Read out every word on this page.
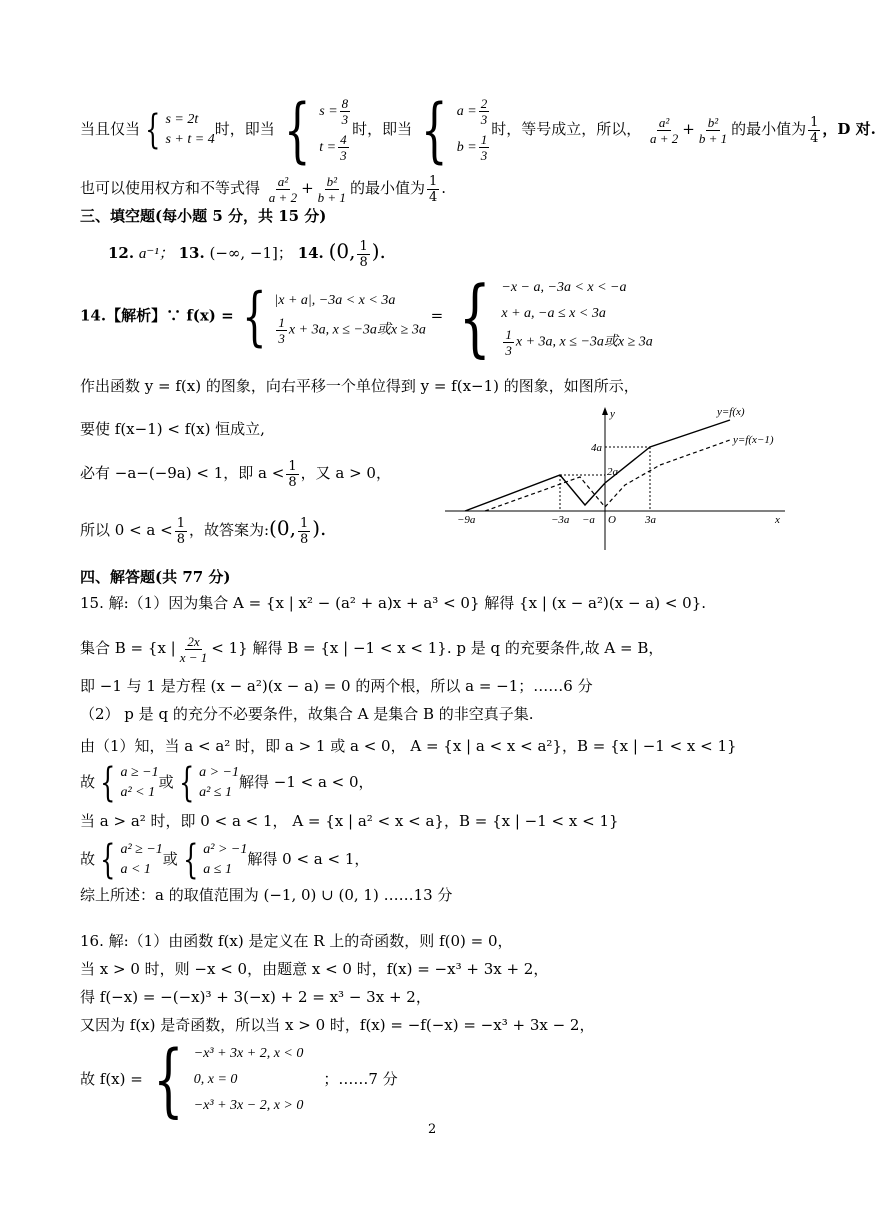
当且仅当 { s = 2t
s + t = 4
时，即当 { $s = \frac{8}{3}$
$t = \frac{4}{3}$
时，即当 { $a = \frac{2}{3}$
$b = \frac{1}{3}$
时，等号成立，所以， $\frac{\text{a²}}{a + 2} + \frac{\text{b²}}{b + 1}$ 的最小值为 $\frac{1}{4}$ ，D 对.
也可以使用权方和不等式得 $\frac{\text{a²}}{a + 2} + \frac{\text{b²}}{b + 1}$ 的最小值为 $\frac{1}{4}$ .
三、填空题(每小题 5 分，共 15 分)
12. a⁻¹； 13. (−∞, −1]； 14. (0, $\frac{1}{8}$ ).
14.【解析】∵ f(x) = { |x + a|, −3a < x < 3a
$\frac{1}{3}$ x + 3a, x ≤ −3a或x ≥ 3a
= { −x − a, −3a < x < −a
x + a, −a ≤ x < 3a
$\frac{1}{3}$ x + 3a, x ≤ −3a或x ≥ 3a
作出函数 y = f(x) 的图象，向右平移一个单位得到 y = f(x−1) 的图象，如图所示，
要使 f(x−1) < f(x) 恒成立,
必有 −a−(−9a) < 1，即 $a < \frac{1}{8}$ ，又 a > 0，
所以 $0 < a < \frac{1}{8}$ ，故答案为:(0, $\frac{1}{8}$ ).
y
x
y=f(x)
y=f(x−1)
4a
2a
−9a	−3a −a O	3a
四、解答题(共 77 分)
15. 解:（1）因为集合 A = {x | x² − (a² + a)x + a³ < 0} 解得 {x | (x − a²)(x − a) < 0}.
集合 B = {x | $\frac{2x}{x - 1} < 1$} 解得 B = {x | −1 < x < 1}. p 是 q 的充要条件,故 A = B，
即 −1 与 1 是方程 (x − a²)(x − a) = 0 的两个根，所以 a = −1；……6 分
（2） p 是 q 的充分不必要条件，故集合 A 是集合 B 的非空真子集.
由（1）知，当 a < a² 时，即 a > 1 或 a < 0， A = {x | a < x < a²}，B = {x | −1 < x < 1}
故 { a ≥ −1
a² < 1
或 { a > −1
a² ≤ 1
解得 −1 < a < 0，
当 a > a² 时，即 0 < a < 1， A = {x | a² < x < a}，B = {x | −1 < x < 1}
故 { a² ≥ −1
a < 1
或 { a² > −1
a ≤ 1
解得 0 < a < 1，
综上所述：a 的取值范围为 (−1, 0) ∪ (0, 1) ……13 分
16. 解:（1）由函数 f(x) 是定义在 R 上的奇函数，则 f(0) = 0，
当 x > 0 时，则 −x < 0，由题意 x < 0 时，f(x) = −x³ + 3x + 2，
得 f(−x) = −(−x)³ + 3(−x) + 2 = x³ − 3x + 2，
又因为 f(x) 是奇函数，所以当 x > 0 时，f(x) = −f(−x) = −x³ + 3x − 2，
故 f(x) = { −x³ + 3x + 2, x < 0
0, x = 0
−x³ + 3x − 2, x > 0
；……7 分
2
